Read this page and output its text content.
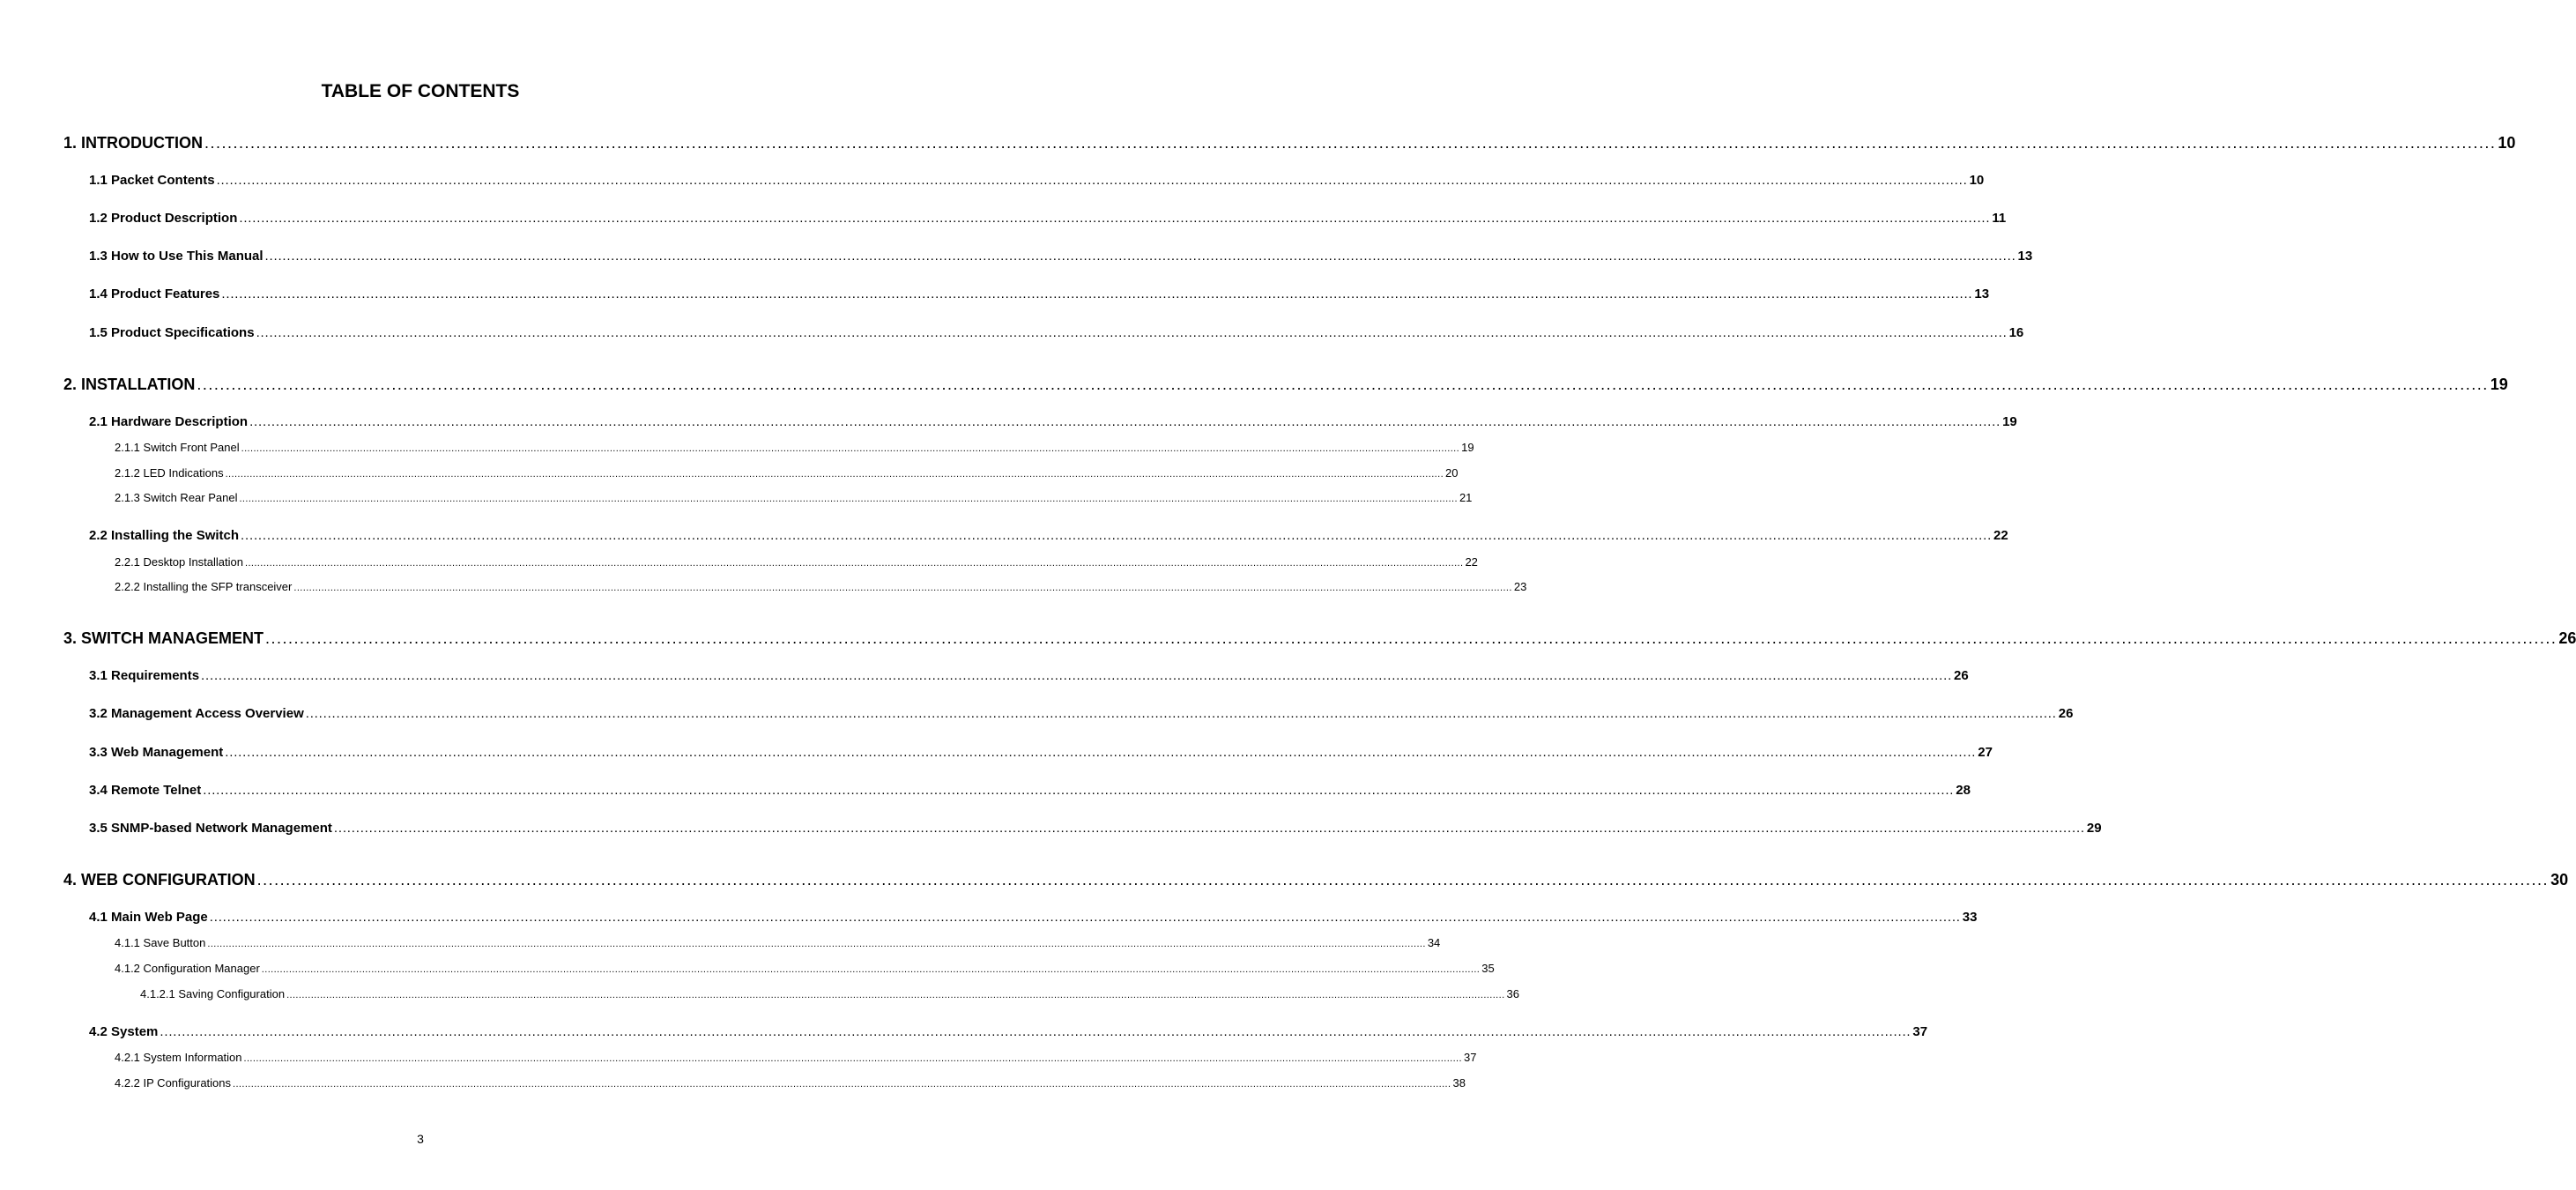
TABLE OF CONTENTS
1. INTRODUCTION ................................................................................................................................................................................................................................................................................................................................................................................................................ 10
1.1 Packet Contents ................................................................................................................................................................................................................................................................................................................................................................................................................ 10
1.2 Product Description ................................................................................................................................................................................................................................................................................................................................................................................................................ 11
1.3 How to Use This Manual ................................................................................................................................................................................................................................................................................................................................................................................................................ 13
1.4 Product Features ................................................................................................................................................................................................................................................................................................................................................................................................................ 13
1.5 Product Specifications ................................................................................................................................................................................................................................................................................................................................................................................................................ 16
2. INSTALLATION ................................................................................................................................................................................................................................................................................................................................................................................................................ 19
2.1 Hardware Description ................................................................................................................................................................................................................................................................................................................................................................................................................ 19
2.1.1 Switch Front Panel ................................................................................................................................................................................................................................................................................................................................................................................................................ 19
2.1.2 LED Indications ................................................................................................................................................................................................................................................................................................................................................................................................................ 20
2.1.3 Switch Rear Panel ................................................................................................................................................................................................................................................................................................................................................................................................................ 21
2.2 Installing the Switch ................................................................................................................................................................................................................................................................................................................................................................................................................ 22
2.2.1 Desktop Installation ................................................................................................................................................................................................................................................................................................................................................................................................................ 22
2.2.2 Installing the SFP transceiver ................................................................................................................................................................................................................................................................................................................................................................................................................ 23
3. SWITCH MANAGEMENT ................................................................................................................................................................................................................................................................................................................................................................................................................ 26
3.1 Requirements ................................................................................................................................................................................................................................................................................................................................................................................................................ 26
3.2 Management Access Overview ................................................................................................................................................................................................................................................................................................................................................................................................................ 26
3.3 Web Management ................................................................................................................................................................................................................................................................................................................................................................................................................ 27
3.4 Remote Telnet ................................................................................................................................................................................................................................................................................................................................................................................................................ 28
3.5 SNMP-based Network Management ................................................................................................................................................................................................................................................................................................................................................................................................................ 29
4. WEB CONFIGURATION ................................................................................................................................................................................................................................................................................................................................................................................................................ 30
4.1 Main Web Page ................................................................................................................................................................................................................................................................................................................................................................................................................ 33
4.1.1 Save Button ................................................................................................................................................................................................................................................................................................................................................................................................................ 34
4.1.2 Configuration Manager ................................................................................................................................................................................................................................................................................................................................................................................................................ 35
4.1.2.1 Saving Configuration ................................................................................................................................................................................................................................................................................................................................................................................................................ 36
4.2 System ................................................................................................................................................................................................................................................................................................................................................................................................................ 37
4.2.1 System Information ................................................................................................................................................................................................................................................................................................................................................................................................................ 37
4.2.2 IP Configurations ................................................................................................................................................................................................................................................................................................................................................................................................................ 38
3
